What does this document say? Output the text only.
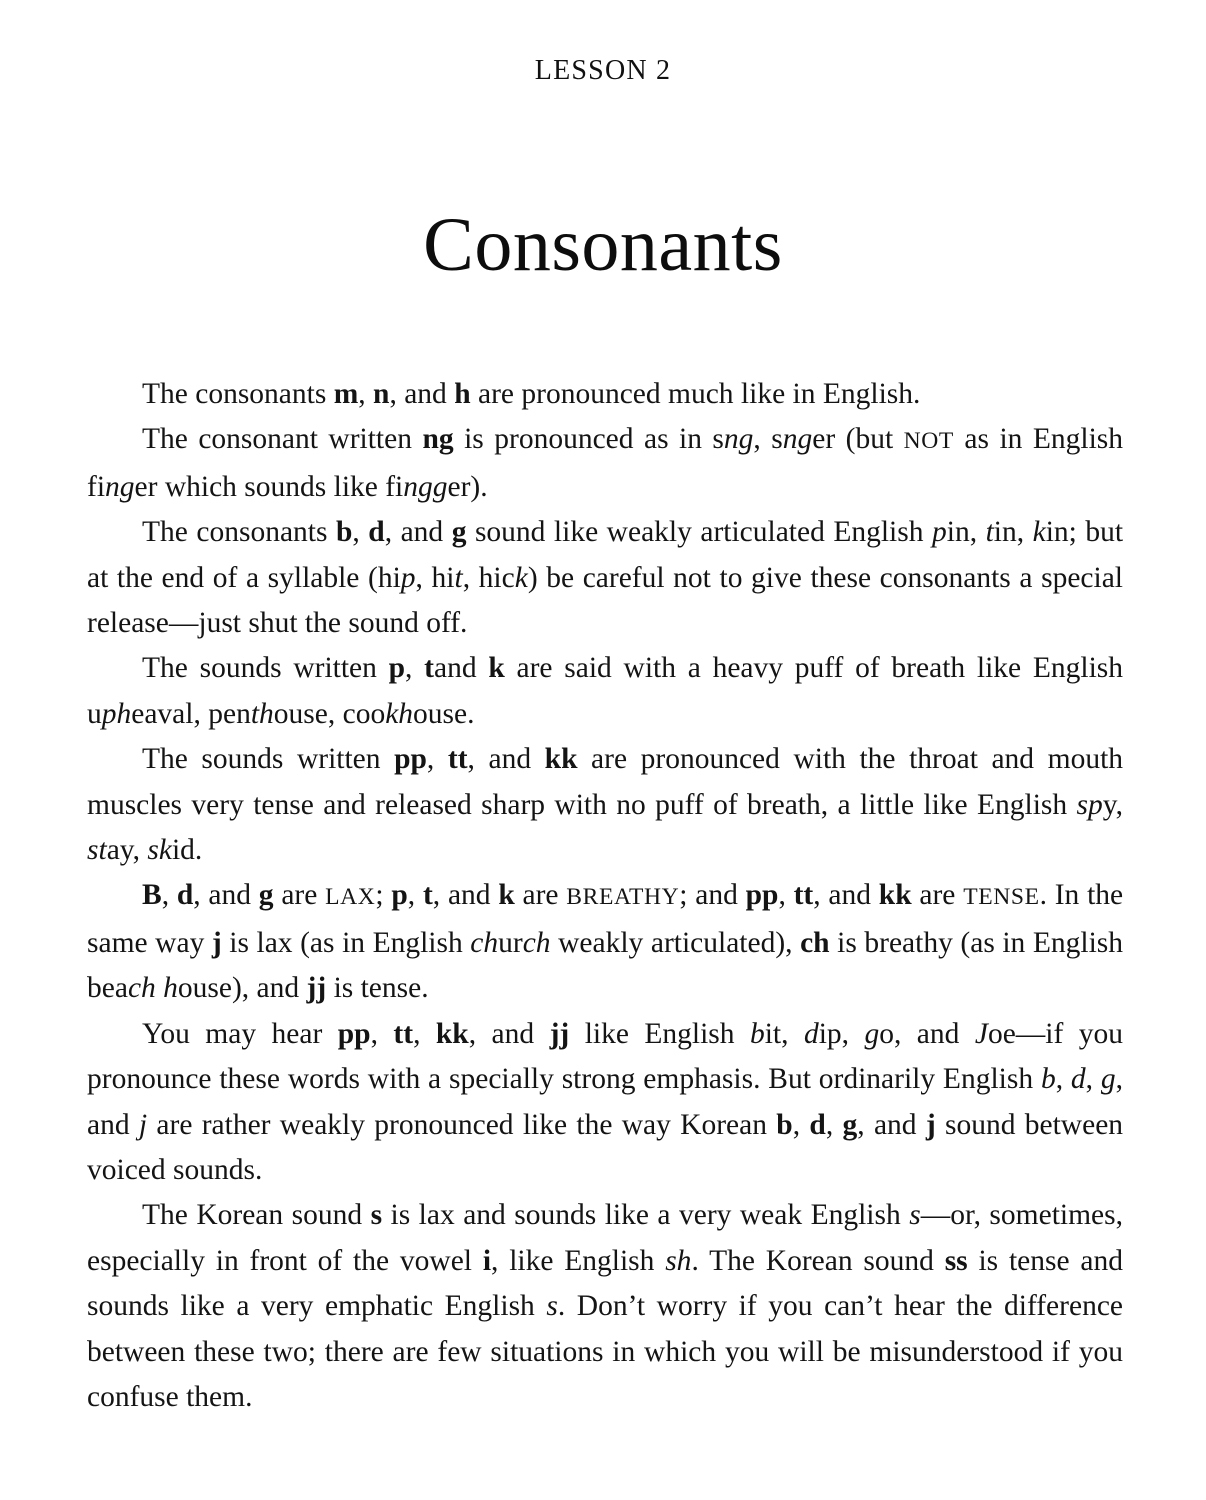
LESSON 2
Consonants

The consonants m, n, and h are pronounced much like in English.

The consonant written ng is pronounced as in sng, snger (but NOT as in English finger which sounds like fingger).

The consonants b, d, and g sound like weakly articulated English pin, tin, kin; but at the end of a syllable (hip, hit, hick) be careful not to give these consonants a special release—just shut the sound off.

The sounds written p, tand k are said with a heavy puff of breath like English upheaval, penthouse, cookhouse.

The sounds written pp, tt, and kk are pronounced with the throat and mouth muscles very tense and released sharp with no puff of breath, a little like English spy, stay, skid.

B, d, and g are LAX; p, t, and k are BREATHY; and pp, tt, and kk are TENSE. In the same way j is lax (as in English church weakly articulated), ch is breathy (as in English beach house), and jj is tense.

You may hear pp, tt, kk, and jj like English bit, dip, go, and Joe—if you pronounce these words with a specially strong emphasis. But ordinarily English b, d, g, and j are rather weakly pronounced like the way Korean b, d, g, and j sound between voiced sounds.

The Korean sound s is lax and sounds like a very weak English s—or, sometimes, especially in front of the vowel i, like English sh. The Korean sound ss is tense and sounds like a very emphatic English s. Don’t worry if you can’t hear the difference between these two; there are few situations in which you will be misunderstood if you confuse them.
